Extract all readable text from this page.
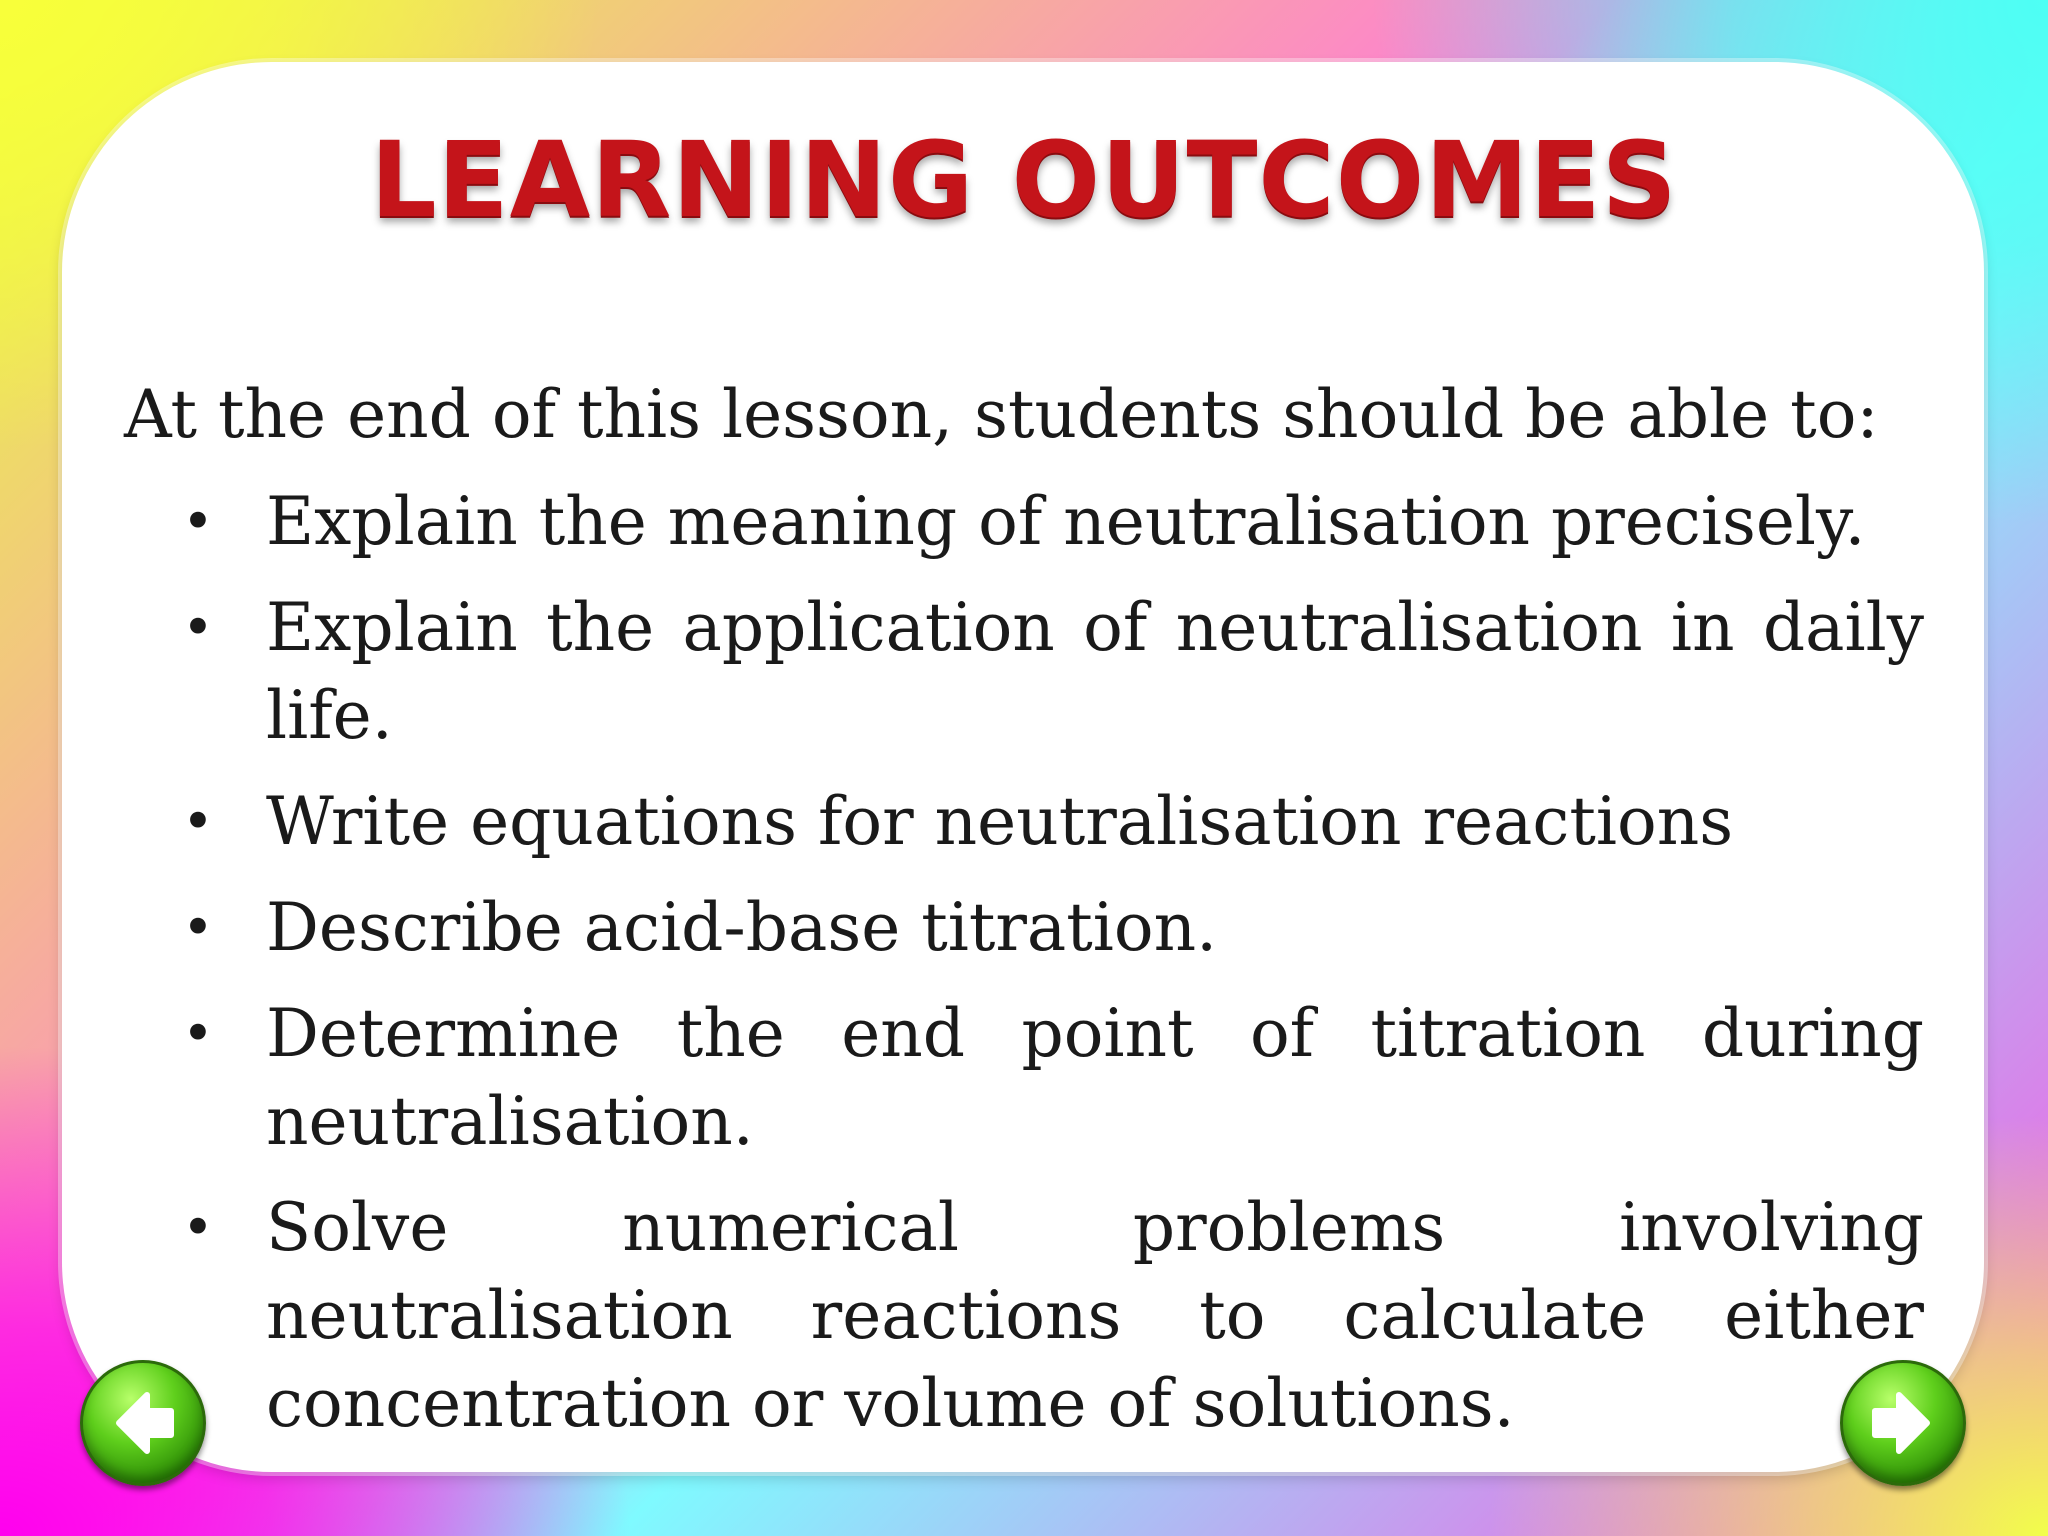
LEARNING OUTCOMES
At the end of this lesson, students should be able to:
• Explain the meaning of neutralisation precisely.
• Explain the application of neutralisation in daily life.
• Write equations for neutralisation reactions
• Describe acid-base titration.
• Determine the end point of titration during neutralisation.
• Solve numerical problems involving neutralisation reactions to calculate either concentration or volume of solutions.
